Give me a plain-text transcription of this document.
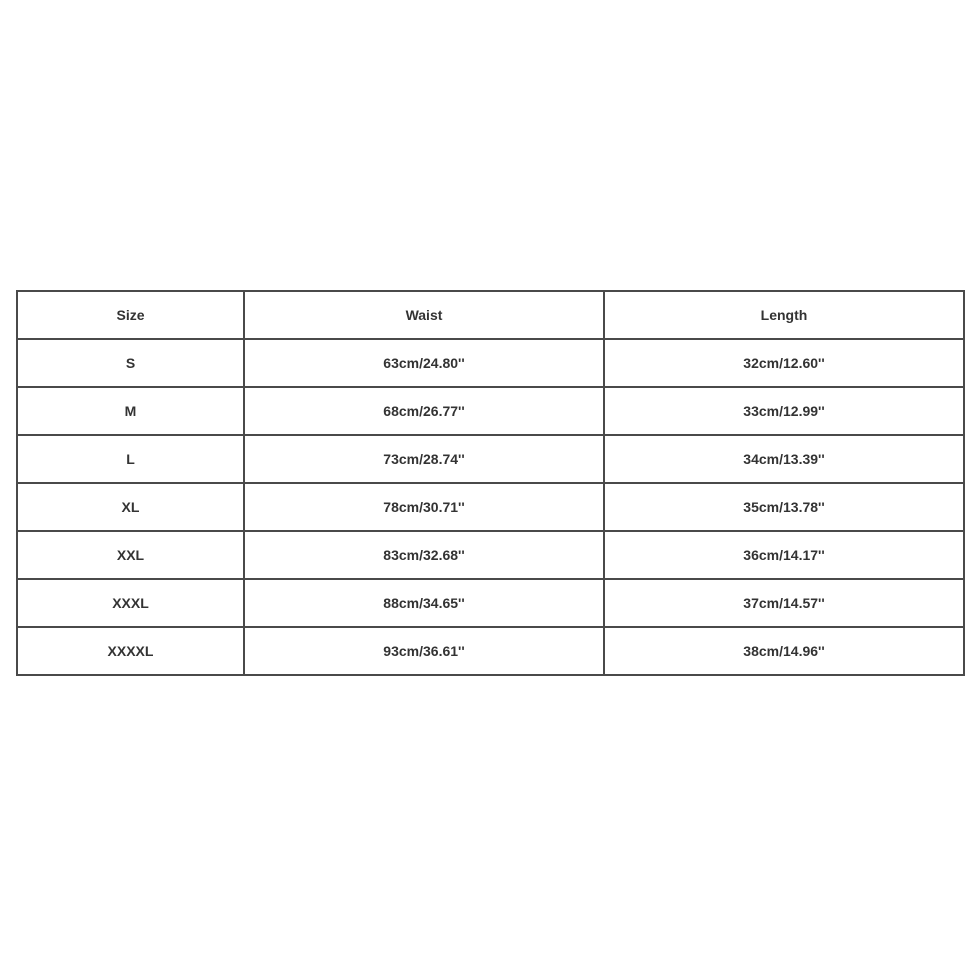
Size	Waist	Length
S	63cm/24.80''	32cm/12.60''
M	68cm/26.77''	33cm/12.99''
L	73cm/28.74''	34cm/13.39''
XL	78cm/30.71''	35cm/13.78''
XXL	83cm/32.68''	36cm/14.17''
XXXL	88cm/34.65''	37cm/14.57''
XXXXL	93cm/36.61''	38cm/14.96''
